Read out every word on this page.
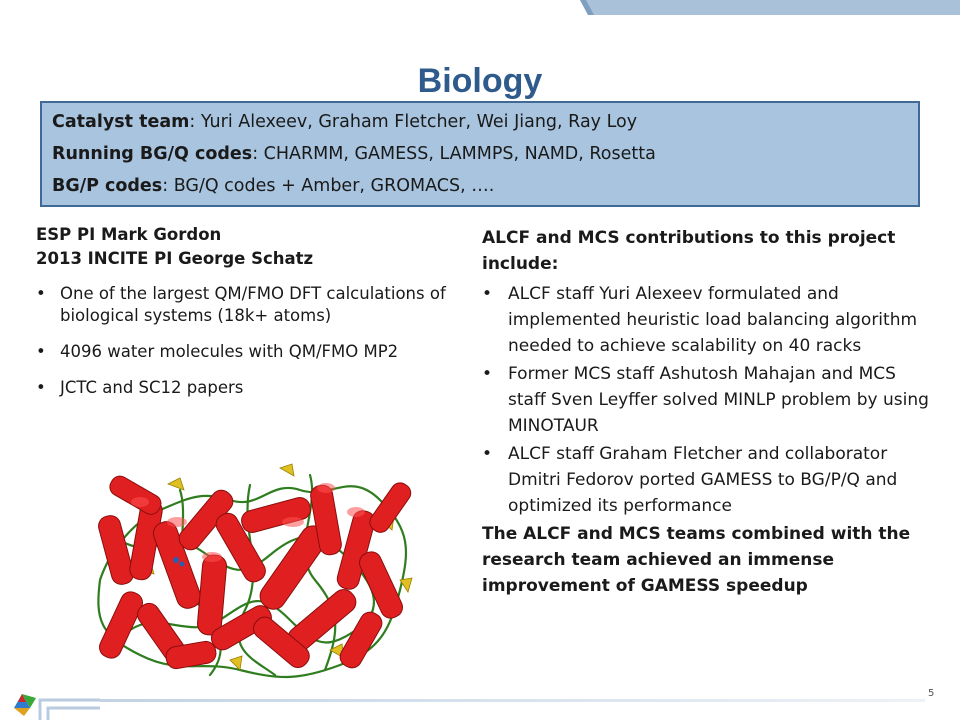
Biology

Catalyst team: Yuri Alexeev, Graham Fletcher, Wei Jiang, Ray Loy

Running BG/Q codes: CHARMM, GAMESS, LAMMPS, NAMD, Rosetta

BG/P codes: BG/Q codes + Amber, GROMACS, ….

ESP PI Mark Gordon
2013 INCITE PI George Schatz
• One of the largest QM/FMO DFT calculations of biological systems (18k+ atoms)
• 4096 water molecules with QM/FMO MP2
• JCTC and SC12 papers
ALCF and MCS contributions to this project include:
• ALCF staff Yuri Alexeev formulated and implemented heuristic load balancing algorithm needed to achieve scalability on 40 racks
• Former MCS staff Ashutosh Mahajan and MCS staff Sven Leyffer solved MINLP problem by using MINOTAUR
• ALCF staff Graham Fletcher and collaborator Dmitri Fedorov ported GAMESS to BG/P/Q and optimized its performance
The ALCF and MCS teams combined with the research team achieved an immense improvement of GAMESS speedup
5
